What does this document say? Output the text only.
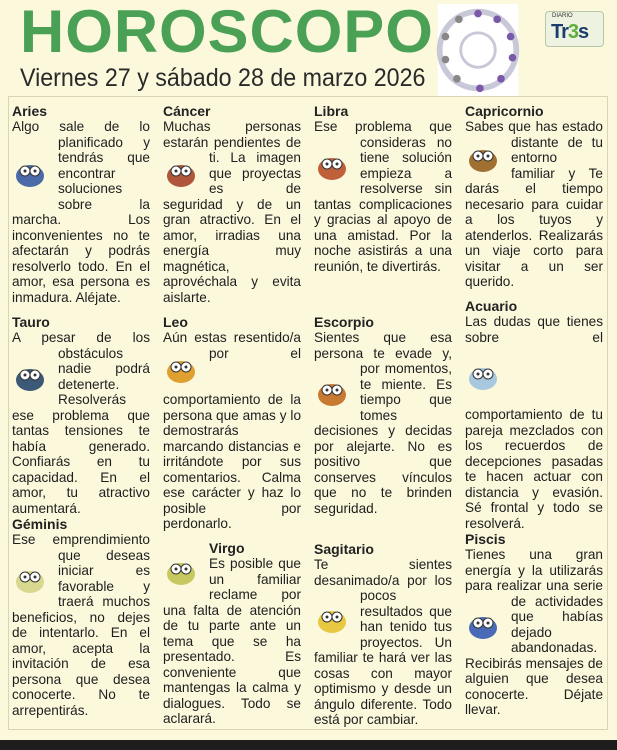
HOROSCOPO
Viernes 27 y sábado 28 de marzo 2026
DIARIO
Tr3s
Aries

Algo sale de lo planificado y tendrás que encontrar soluciones sobre la marcha. Los inconvenientes no te afectarán y podrás resolverlo todo. En el amor, esa persona es inmadura. Aléjate.

Tauro

A pesar de los obstáculos nadie podrá detenerte. Resolverás ese problema que tantas tensiones te había generado. Confiarás en tu capacidad. En el amor, tu atractivo aumentará.

Géminis

Ese emprendimiento que deseas iniciar es favorable y traerá muchos beneficios, no dejes de intentarlo. En el amor, acepta la invitación de esa persona que desea conocerte. No te arrepentirás.

Cáncer

Muchas personas estarán pendientes de ti. La imagen que proyectas es de seguridad y de un gran atractivo. En el amor, irradias una energía muy magnética, aprovéchala y evita aislarte.

Leo

Aún estas resentido/a por el comportamiento de la persona que amas y lo demostrarás marcando distancias e irritándote por sus comentarios. Calma ese carácter y haz lo posible por perdonarlo.

Virgo

Es posible que un familiar reclame por una falta de atención de tu parte ante un tema que se ha presentado. Es conveniente que mantengas la calma y dialogues. Todo se aclarará.

Libra

Ese problema que consideras no tiene solución empieza a resolverse sin tantas complicaciones y gracias al apoyo de una amistad. Por la noche asistirás a una reunión, te divertirás.

Escorpio

Sientes que esa persona te evade y, por momentos, te miente. Es tiempo que tomes decisiones y decidas por alejarte. No es positivo que conserves vínculos que no te brinden seguridad.

Sagitario

Te sientes desanimado/a por los pocos resultados que han tenido tus proyectos. Un familiar te hará ver las cosas con mayor optimismo y desde un ángulo diferente. Todo está por cambiar.

Capricornio

Sabes que has estado distante de tu entorno familiar y Te darás el tiempo necesario para cuidar a los tuyos y atenderlos. Realizarás un viaje corto para visitar a un ser querido.

Acuario

Las dudas que tienes sobre el comportamiento de tu pareja mezclados con los recuerdos de decepciones pasadas te hacen actuar con distancia y evasión. Sé frontal y todo se resolverá.

Piscis

Tienes una gran energía y la utilizarás para realizar una serie de actividades que habías dejado abandonadas. Recibirás mensajes de alguien que desea conocerte. Déjate llevar.
